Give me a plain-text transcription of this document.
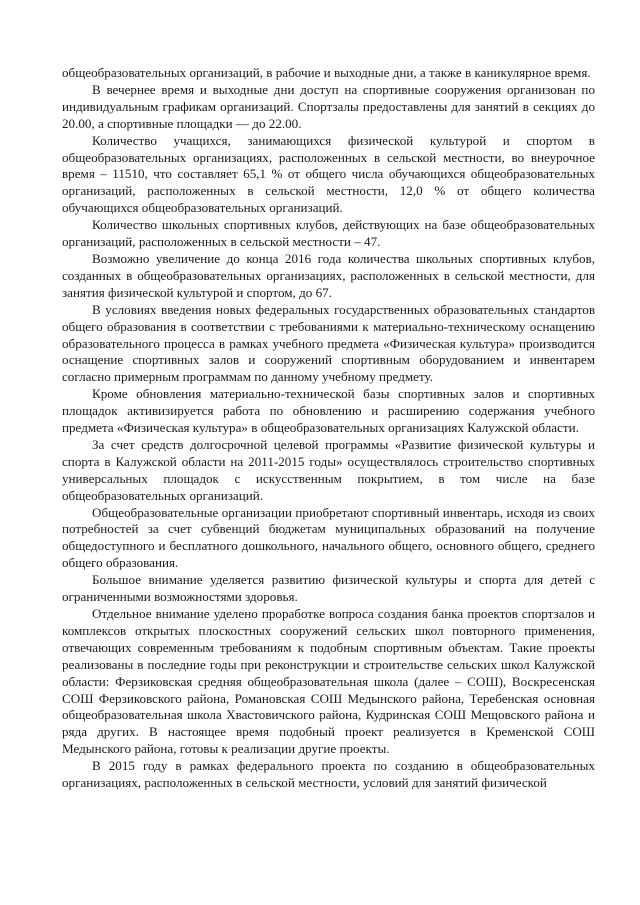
общеобразовательных организаций, в рабочие и выходные дни, а также в каникулярное время.

В вечернее время и выходные дни доступ на спортивные сооружения организован по индивидуальным графикам организаций. Спортзалы предоставлены для занятий в секциях до 20.00, а спортивные площадки — до 22.00.

Количество учащихся, занимающихся физической культурой и спортом в общеобразовательных организациях, расположенных в сельской местности, во внеурочное время – 11510, что составляет 65,1 % от общего числа обучающихся общеобразовательных организаций, расположенных в сельской местности, 12,0 % от общего количества обучающихся общеобразовательных организаций.

Количество школьных спортивных клубов, действующих на базе общеобразовательных организаций, расположенных в сельской местности – 47.

Возможно увеличение до конца 2016 года количества школьных спортивных клубов, созданных в общеобразовательных организациях, расположенных в сельской местности, для занятия физической культурой и спортом, до 67.

В условиях введения новых федеральных государственных образовательных стандартов общего образования в соответствии с требованиями к материально-техническому оснащению образовательного процесса в рамках учебного предмета «Физическая культура» производится оснащение спортивных залов и сооружений спортивным оборудованием и инвентарем согласно примерным программам по данному учебному предмету.

Кроме обновления материально-технической базы спортивных залов и спортивных площадок активизируется работа по обновлению и расширению содержания учебного предмета «Физическая культура» в общеобразовательных организациях Калужской области.

За счет средств долгосрочной целевой программы «Развитие физической культуры и спорта в Калужской области на 2011-2015 годы» осуществлялось строительство спортивных универсальных площадок с искусственным покрытием, в том числе на базе общеобразовательных организаций.

Общеобразовательные организации приобретают спортивный инвентарь, исходя из своих потребностей за счет субвенций бюджетам муниципальных образований на получение общедоступного и бесплатного дошкольного, начального общего, основного общего, среднего общего образования.

Большое внимание уделяется развитию физической культуры и спорта для детей с ограниченными возможностями здоровья.

Отдельное внимание уделено проработке вопроса создания банка проектов спортзалов и комплексов открытых плоскостных сооружений сельских школ повторного применения, отвечающих современным требованиям к подобным спортивным объектам. Такие проекты реализованы в последние годы при реконструкции и строительстве сельских школ Калужской области: Ферзиковская средняя общеобразовательная школа (далее – СОШ), Воскресенская СОШ Ферзиковского района, Романовская СОШ Медынского района, Теребенская основная общеобразовательная школа Хвастовичского района, Кудринская СОШ Мещовского района и ряда других. В настоящее время подобный проект реализуется в Кременской СОШ Медынского района, готовы к реализации другие проекты.

В 2015 году в рамках федерального проекта по созданию в общеобразовательных организациях, расположенных в сельской местности, условий для занятий физической
